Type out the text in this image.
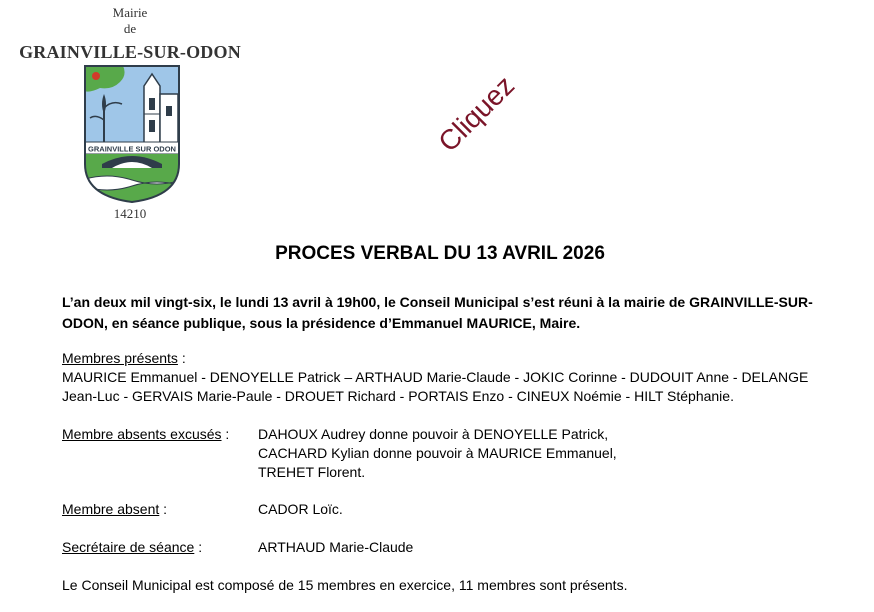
Mairie
de
GRAINVILLE-SUR-ODON
GRAINVILLE SUR ODON
14210
Cliquez
PROCES VERBAL DU 13 AVRIL 2026
L’an deux mil vingt-six, le lundi 13 avril à 19h00, le Conseil Municipal s’est réuni à la mairie de GRAINVILLE-SUR-ODON, en séance publique, sous la présidence d’Emmanuel MAURICE, Maire.
Membres présents :
MAURICE Emmanuel - DENOYELLE Patrick – ARTHAUD Marie-Claude - JOKIC Corinne - DUDOUIT Anne - DELANGE
Jean-Luc - GERVAIS Marie-Paule - DROUET Richard - PORTAIS Enzo - CINEUX Noémie - HILT Stéphanie.
Membre absents excusés : DAHOUX Audrey donne pouvoir à DENOYELLE Patrick,
CACHARD Kylian donne pouvoir à MAURICE Emmanuel,
TREHET Florent.
Membre absent :	CADOR Loïc.
Secrétaire de séance :	ARTHAUD Marie-Claude
Le Conseil Municipal est composé de 15 membres en exercice, 11 membres sont présents.
